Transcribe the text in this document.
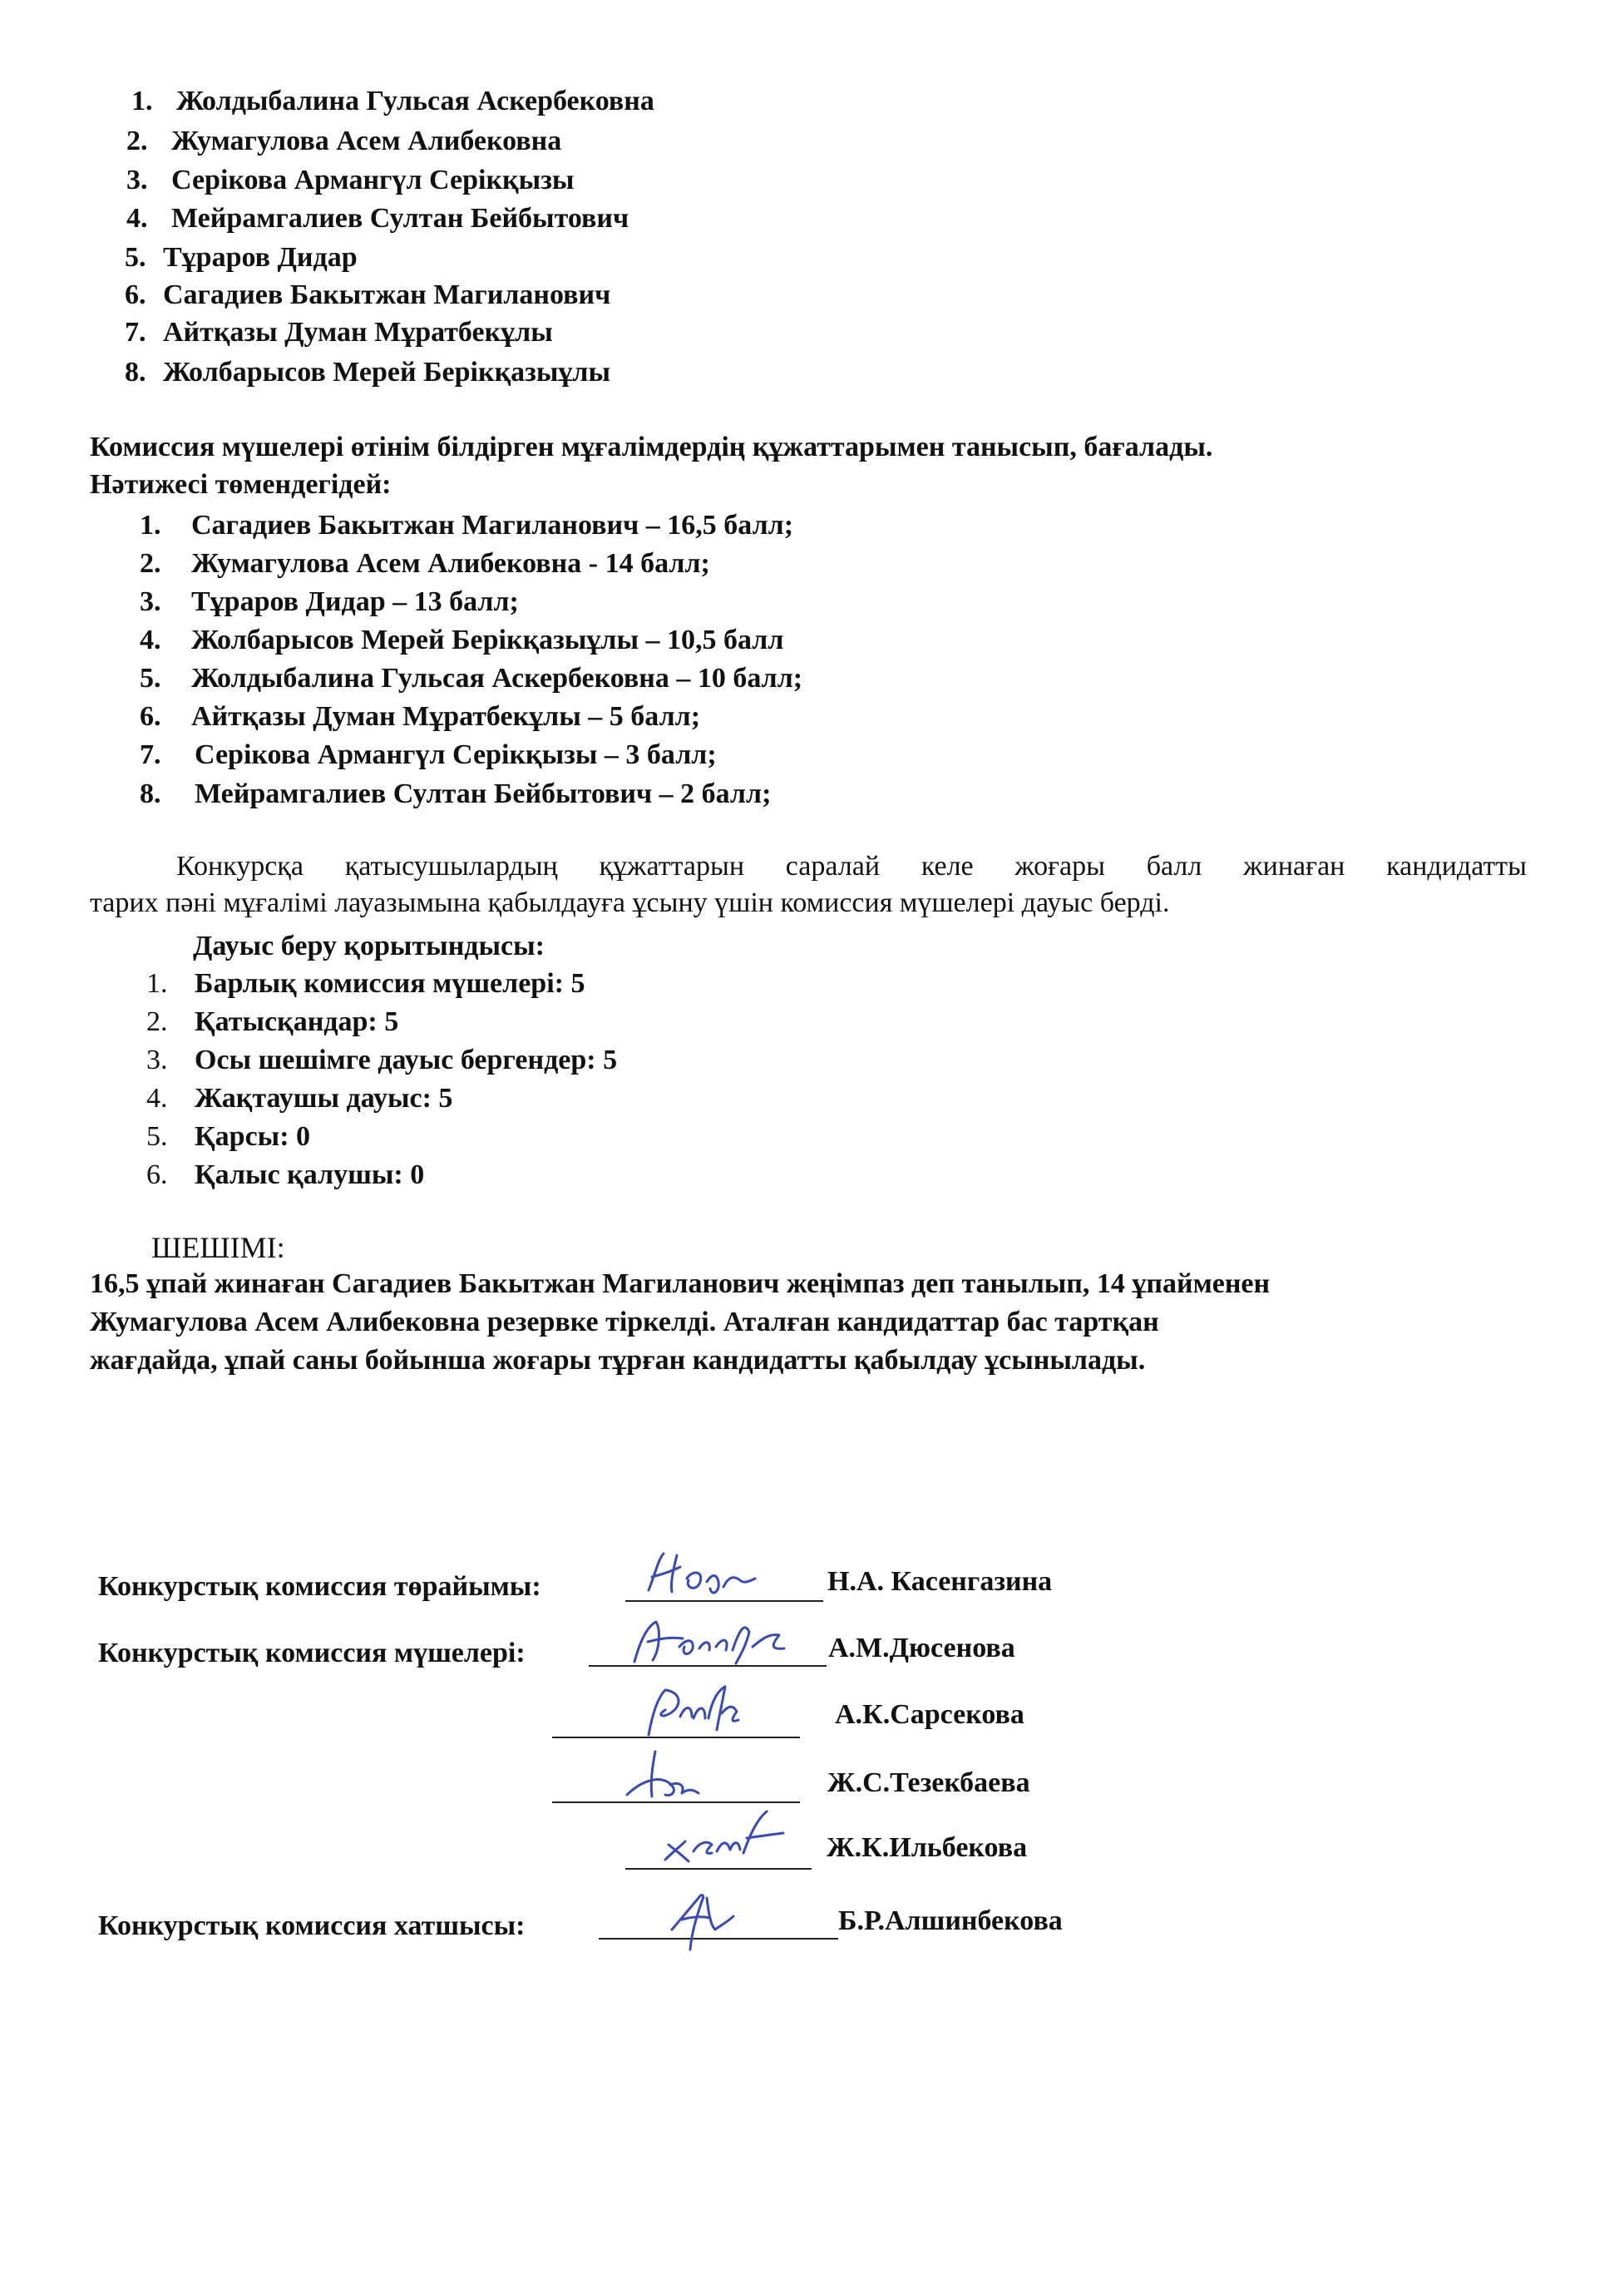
1. Жолдыбалина Гульсая Аскербековна
2. Жумагулова Асем Алибековна
3. Серікова Армангүл Серікқызы
4. Мейрамгалиев Султан Бейбытович
5. Тұраров Дидар
6. Сагадиев Бакытжан Магиланович
7. Айтқазы Думан Мұратбекұлы
8. Жолбарысов Мерей Берікқазыұлы
Комиссия мүшелері өтінім білдірген мұғалімдердің құжаттарымен танысып, бағалады.
Нәтижесі төмендегідей:
1. Сагадиев Бакытжан Магиланович – 16,5 балл;
2. Жумагулова Асем Алибековна - 14 балл;
3. Тұраров Дидар – 13 балл;
4. Жолбарысов Мерей Берікқазыұлы – 10,5 балл
5. Жолдыбалина Гульсая Аскербековна – 10 балл;
6. Айтқазы Думан Мұратбекұлы – 5 балл;
7. Серікова Армангүл Серікқызы – 3 балл;
8. Мейрамгалиев Султан Бейбытович – 2 балл;
Конкурсқа қатысушылардың құжаттарын саралай келе жоғары балл жинаған кандидатты
тарих пәні мұғалімі лауазымына қабылдауға ұсыну үшін комиссия мүшелері дауыс берді.
Дауыс беру қорытындысы:
1. Барлық комиссия мүшелері: 5
2. Қатысқандар: 5
3. Осы шешімге дауыс бергендер: 5
4. Жақтаушы дауыс: 5
5. Қарсы: 0
6. Қалыс қалушы: 0
ШЕШІМІ:
16,5 ұпай жинаған Сагадиев Бакытжан Магиланович жеңімпаз деп танылып, 14 ұпайменен
Жумагулова Асем Алибековна резервке тіркелді. Аталған кандидаттар бас тартқан
жағдайда, ұпай саны бойынша жоғары тұрған кандидатты қабылдау ұсынылады.
Конкурстық комиссия төрайымы:	Н.А. Касенгазина
Конкурстық комиссия мүшелері:	А.М.Дюсенова
А.К.Сарсекова
Ж.С.Тезекбаева
Ж.К.Ильбекова
Конкурстық комиссия хатшысы:	Б.Р.Алшинбекова
